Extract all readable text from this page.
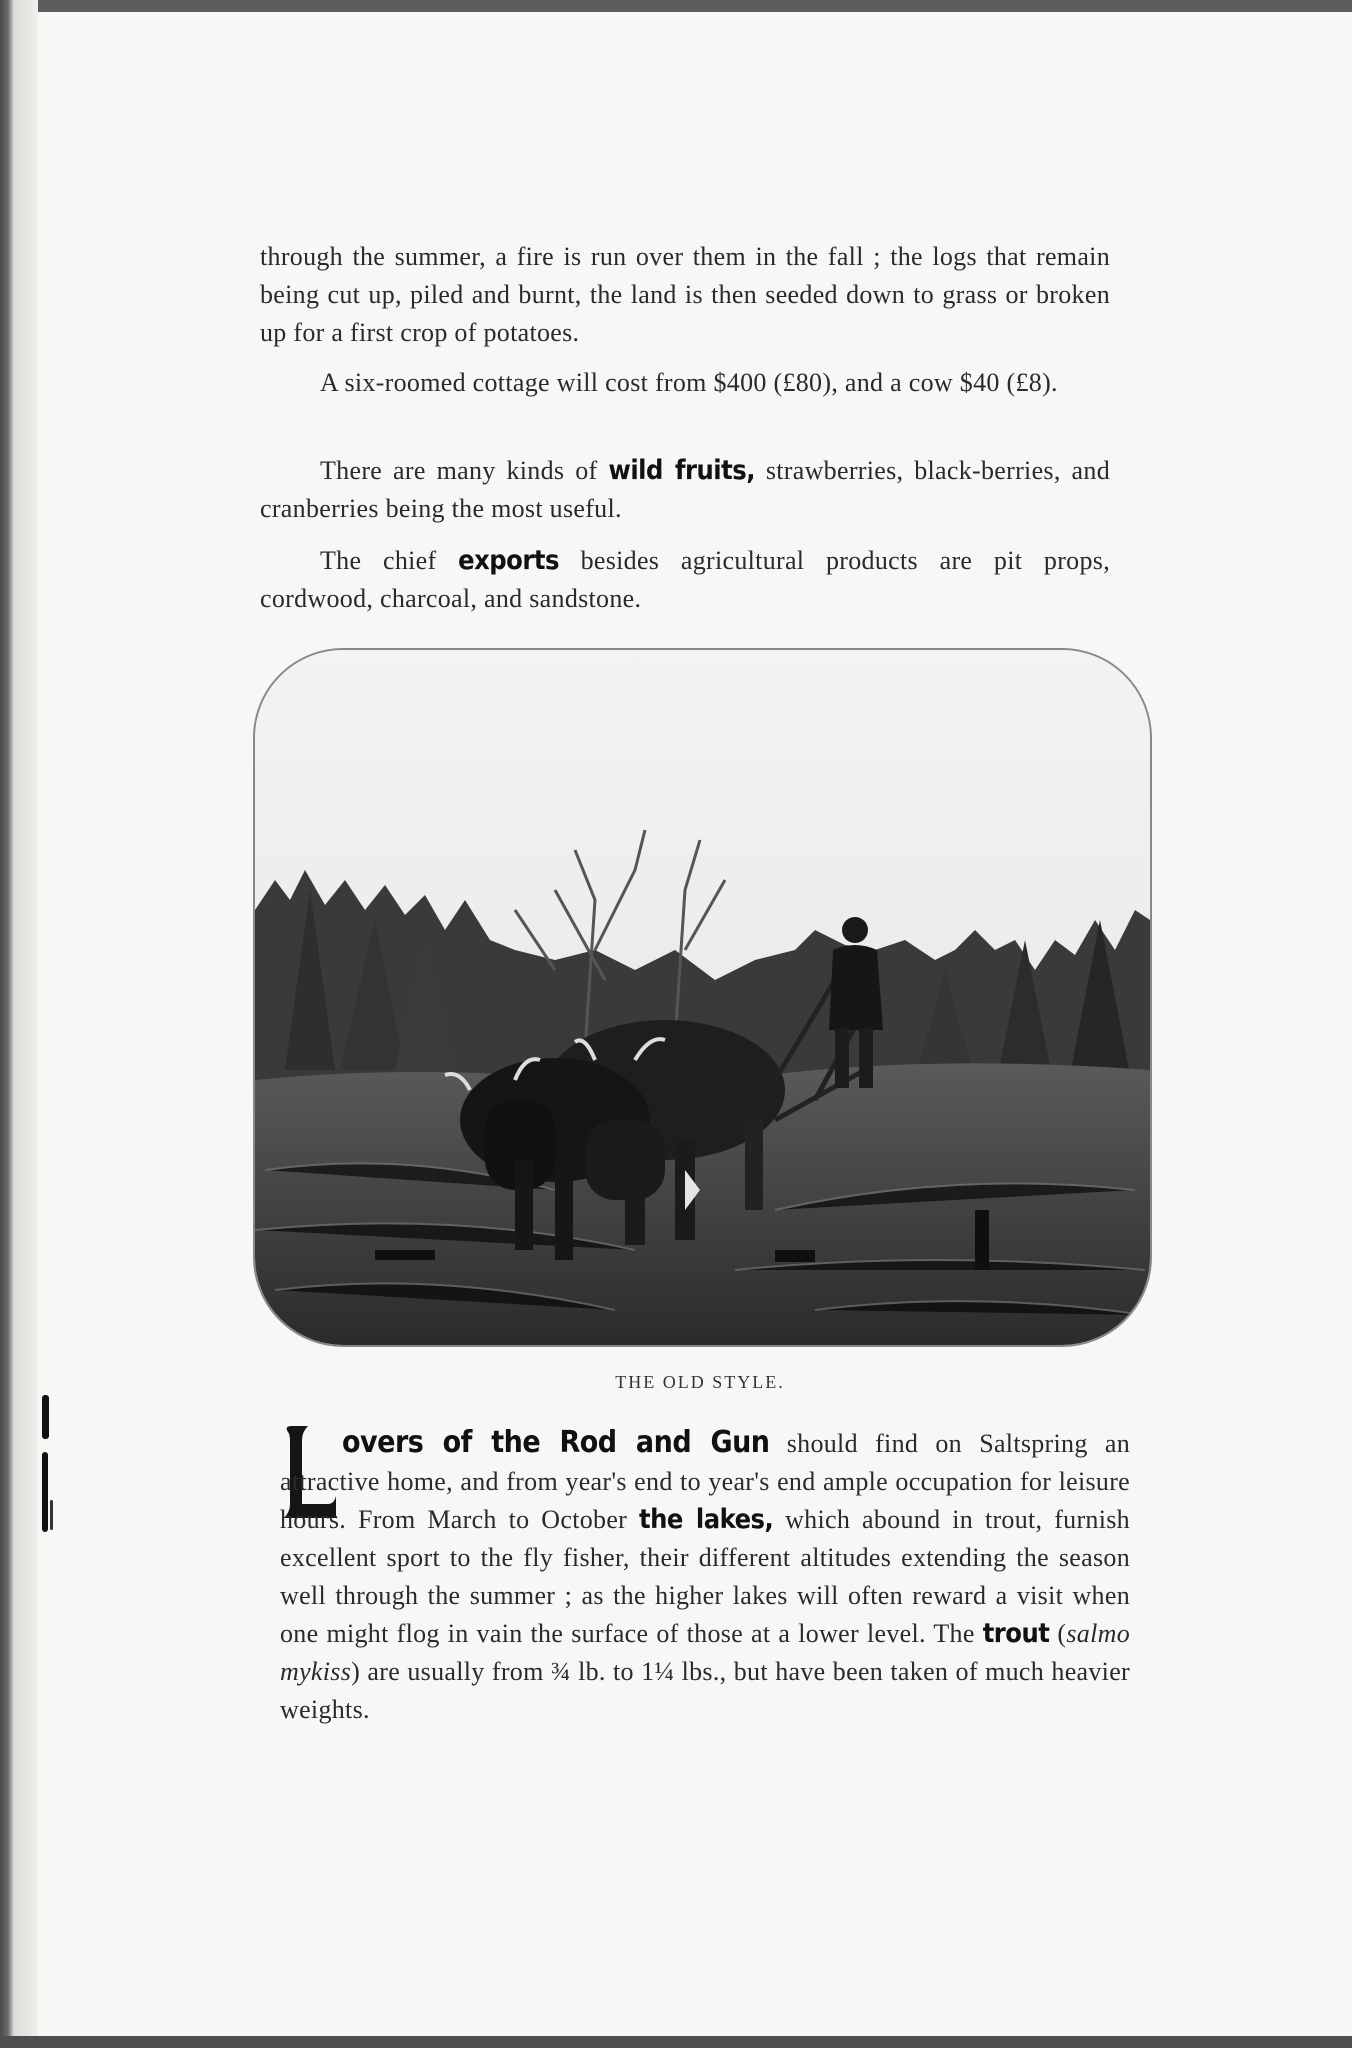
through the summer, a fire is run over them in the fall ; the logs that remain being cut up, piled and burnt, the land is then seeded down to grass or broken up for a first crop of potatoes.
A six-roomed cottage will cost from $400 (£80), and a cow $40 (£8).
There are many kinds of wild fruits, strawberries, black-berries, and cranberries being the most useful.
The chief exports besides agricultural products are pit props, cordwood, charcoal, and sandstone.
THE OLD STYLE.
overs of the Rod and Gun should find on Saltspring an attractive home, and from year's end to year's end ample occupation for leisure hours. From March to October the lakes, which abound in trout, furnish excellent sport to the fly fisher, their different altitudes extending the season well through the summer ; as the higher lakes will often reward a visit when one might flog in vain the surface of those at a lower level. The trout (salmo mykiss) are usually from ¾ lb. to 1¼ lbs., but have been taken of much heavier weights.
